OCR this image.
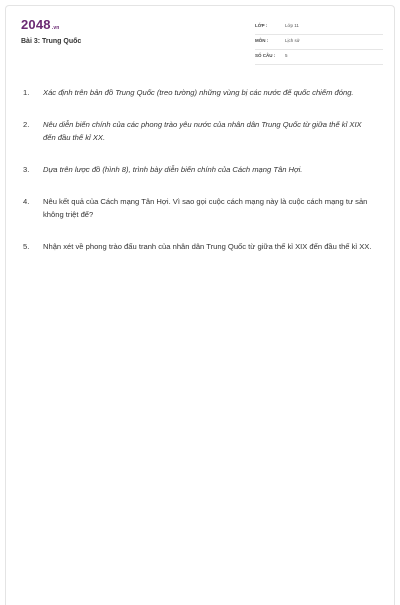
2048.vn
Bài 3: Trung Quốc
LỚP :	Lớp 11
MÔN :	Lịch sử
SỐ CÂU : 5
1. Xác định trên bản đồ Trung Quốc (treo tường) những vùng bị các nước đế quốc chiếm đóng.
2. Nêu diễn biến chính của các phong trào yêu nước của nhân dân Trung Quốc từ giữa thế kỉ XIX đến đầu thế kỉ XX.
3. Dựa trên lược đồ (hình 8), trình bày diễn biến chính của Cách mạng Tân Hợi.
4. Nêu kết quả của Cách mạng Tân Hợi. Vì sao gọi cuộc cách mạng này là cuộc cách mạng tư sản không triệt để?
5. Nhận xét về phong trào đấu tranh của nhân dân Trung Quốc từ giữa thế kỉ XIX đến đầu thế kỉ XX.
